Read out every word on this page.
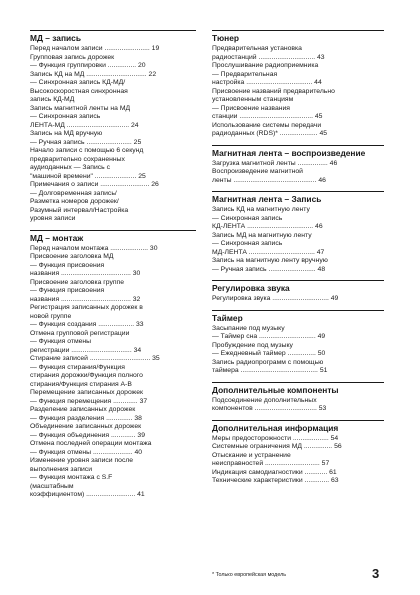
МД – запись
Перед началом записи ........................ 19
Групповая запись дорожек
— Функция группировки ............... 20
Запись КД на МД ................................ 22
— Синхронная запись КД-МД/
Высокоскоростная синхронная
запись КД-МД
Запись магнитной ленты на МД
— Синхронная запись
ЛЕНТА-МД ................................. 24
Запись на МД вручную
— Ручная запись ........................ 25
Начало записи с помощью 6 секунд
предварительно сохраненных
аудиоданных — Запись с
"машиной времени" ...................... 25
Примечания о записи .......................... 26
— Долговременная запись/
Разметка номеров дорожек/
Разумный интервал/Настройка
уровня записи
МД – монтаж
Перед началом монтажа .................... 30
Присвоение заголовка МД
— Функция присвоения
названия ..................................... 30
Присвоение заголовка группе
— Функция присвоения
названия ..................................... 32
Регистрация записанных дорожек в
новой группе
— Функция создания ................... 33
Отмена групповой регистрации
— Функция отмены
регистрации ................................ 34
Стирание записей ................................ 35
— Функция стирания/Функция
стирания дорожки/Функция полного
стирания/Функция стирания A-B
Перемещение записанных дорожек
— Функция перемещения ............. 37
Разделение записанных дорожек
— Функция разделения .............. 38
Объединение записанных дорожек
— Функция объединения ............. 39
Отмена последней операции монтажа
— Функция отмены ..................... 40
Изменение уровня записи после
выполнения записи
— Функция монтажа с S.F
(масштабным
коэффициентом) .......................... 41
Тюнер
Предварительная установка
радиостанций .............................. 43
Прослушивание радиоприемника
— Предварительная
настройка ................................... 44
Присвоение названий предварительно
установленным станциям
— Присвоение названия
станции ....................................... 45
Использование системы передачи
радиоданных (RDS)* .................... 45
Магнитная лента – воспроизведение
Загрузка магнитной ленты ................ 46
Воспроизведение магнитной
ленты ............................................ 46
Магнитная лента – Запись
Запись КД на магнитную ленту
— Синхронная запись
КД-ЛЕНТА ................................... 46
Запись МД на магнитную ленту
— Синхронная запись
МД-ЛЕНТА ................................... 47
Запись на магнитную ленту вручную
— Ручная запись ......................... 48
Регулировка звука
Регулировка звука .............................. 49
Таймер
Засыпание под музыку
— Таймер сна .............................. 49
Пробуждение под музыку
— Ежедневный таймер ............... 50
Запись радиопрограмм с помощью
таймера ......................................... 51
Дополнительные компоненты
Подсоединение дополнительных
компонентов ................................. 53
Дополнительная информация
Меры предосторожности ................... 54
Системные ограничения МД ............... 56
Отыскание и устранение
неисправностей ............................. 57
Индикация самодиагностики ............ 61
Технические характеристики ............. 63
* Только европейская модель	3
